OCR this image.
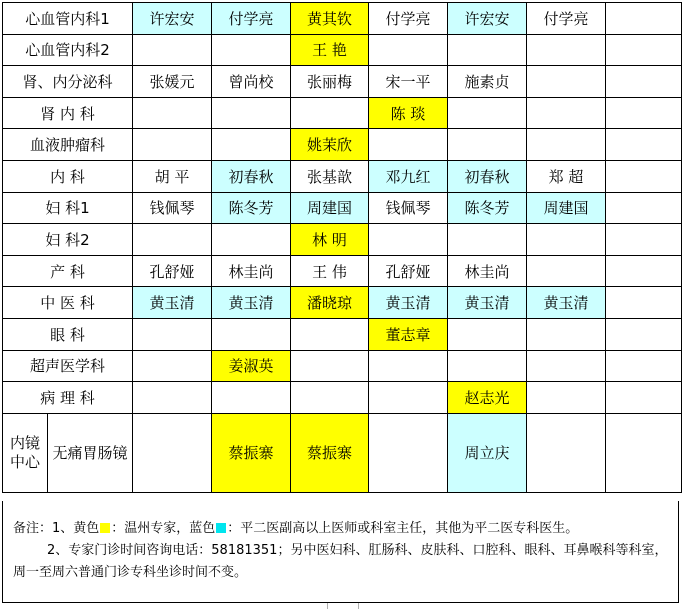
心血管内科1		许宏安	付学亮	黄其钦	付学亮	许宏安	付学亮	
心血管内科2				王 艳				
肾、内分泌科		张媛元	曾尚校	张丽梅	宋一平	施素贞		
肾 内 科					陈 琰			
血液肿瘤科				姚茉欣				
内 科		胡 平	初春秋	张基歆	邓九红	初春秋	郑 超	
妇 科1		钱佩琴	陈冬芳	周建国	钱佩琴	陈冬芳	周建国	
妇 科2				林 明				
产 科		孔舒娅	林圭尚	王 伟	孔舒娅	林圭尚		
中 医 科		黄玉清	黄玉清	潘晓琼	黄玉清	黄玉清	黄玉清	
眼 科					董志章			
超声医学科			姜淑英					
病 理 科						赵志光		
内镜中心	无痛胃肠镜		蔡振寨	蔡振寨		周立庆		
备注：1、黄色 ：温州专家，蓝色 ：平二医副高以上医师或科室主任，其他为平二医专科医生。
2、专家门诊时间咨询电话：58181351；另中医妇科、肛肠科、皮肤科、口腔科、眼科、耳鼻喉科等科室，周一至周六普通门诊专科坐诊时间不变。
